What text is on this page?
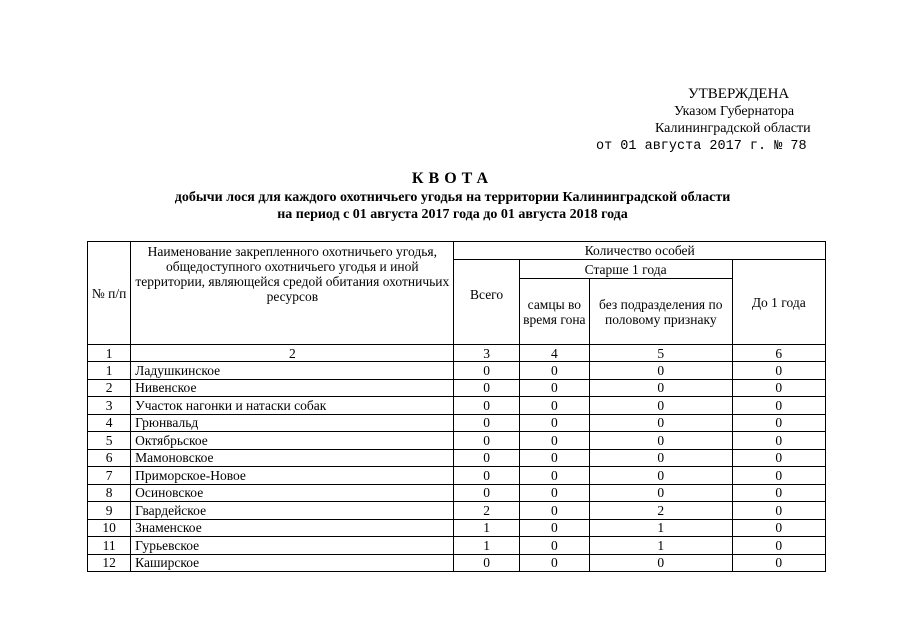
УТВЕРЖДЕНА
Указом Губернатора
Калининградской области
от 01 августа 2017 г. № 78
КВОТА
добычи лося для каждого охотничьего угодья на территории Калининградской области
на период с 01 августа 2017 года до 01 августа 2018 года
№ п/п	Наименование закрепленного охотничьего угодья, общедоступного охотничьего угодья и иной территории, являющейся средой обитания охотничьих ресурсов	Количество особей			
		Всего	Старше 1 года		До 1 года
			самцы во время гона	без подразделения по половому признаку	
1	2	3	4	5	6
1	Ладушкинское	0	0	0	0
2	Нивенское	0	0	0	0
3	Участок нагонки и натаски собак	0	0	0	0
4	Грюнвальд	0	0	0	0
5	Октябрьское	0	0	0	0
6	Мамоновское	0	0	0	0
7	Приморское-Новое	0	0	0	0
8	Осиновское	0	0	0	0
9	Гвардейское	2	0	2	0
10	Знаменское	1	0	1	0
11	Гурьевское	1	0	1	0
12	Каширское	0	0	0	0
